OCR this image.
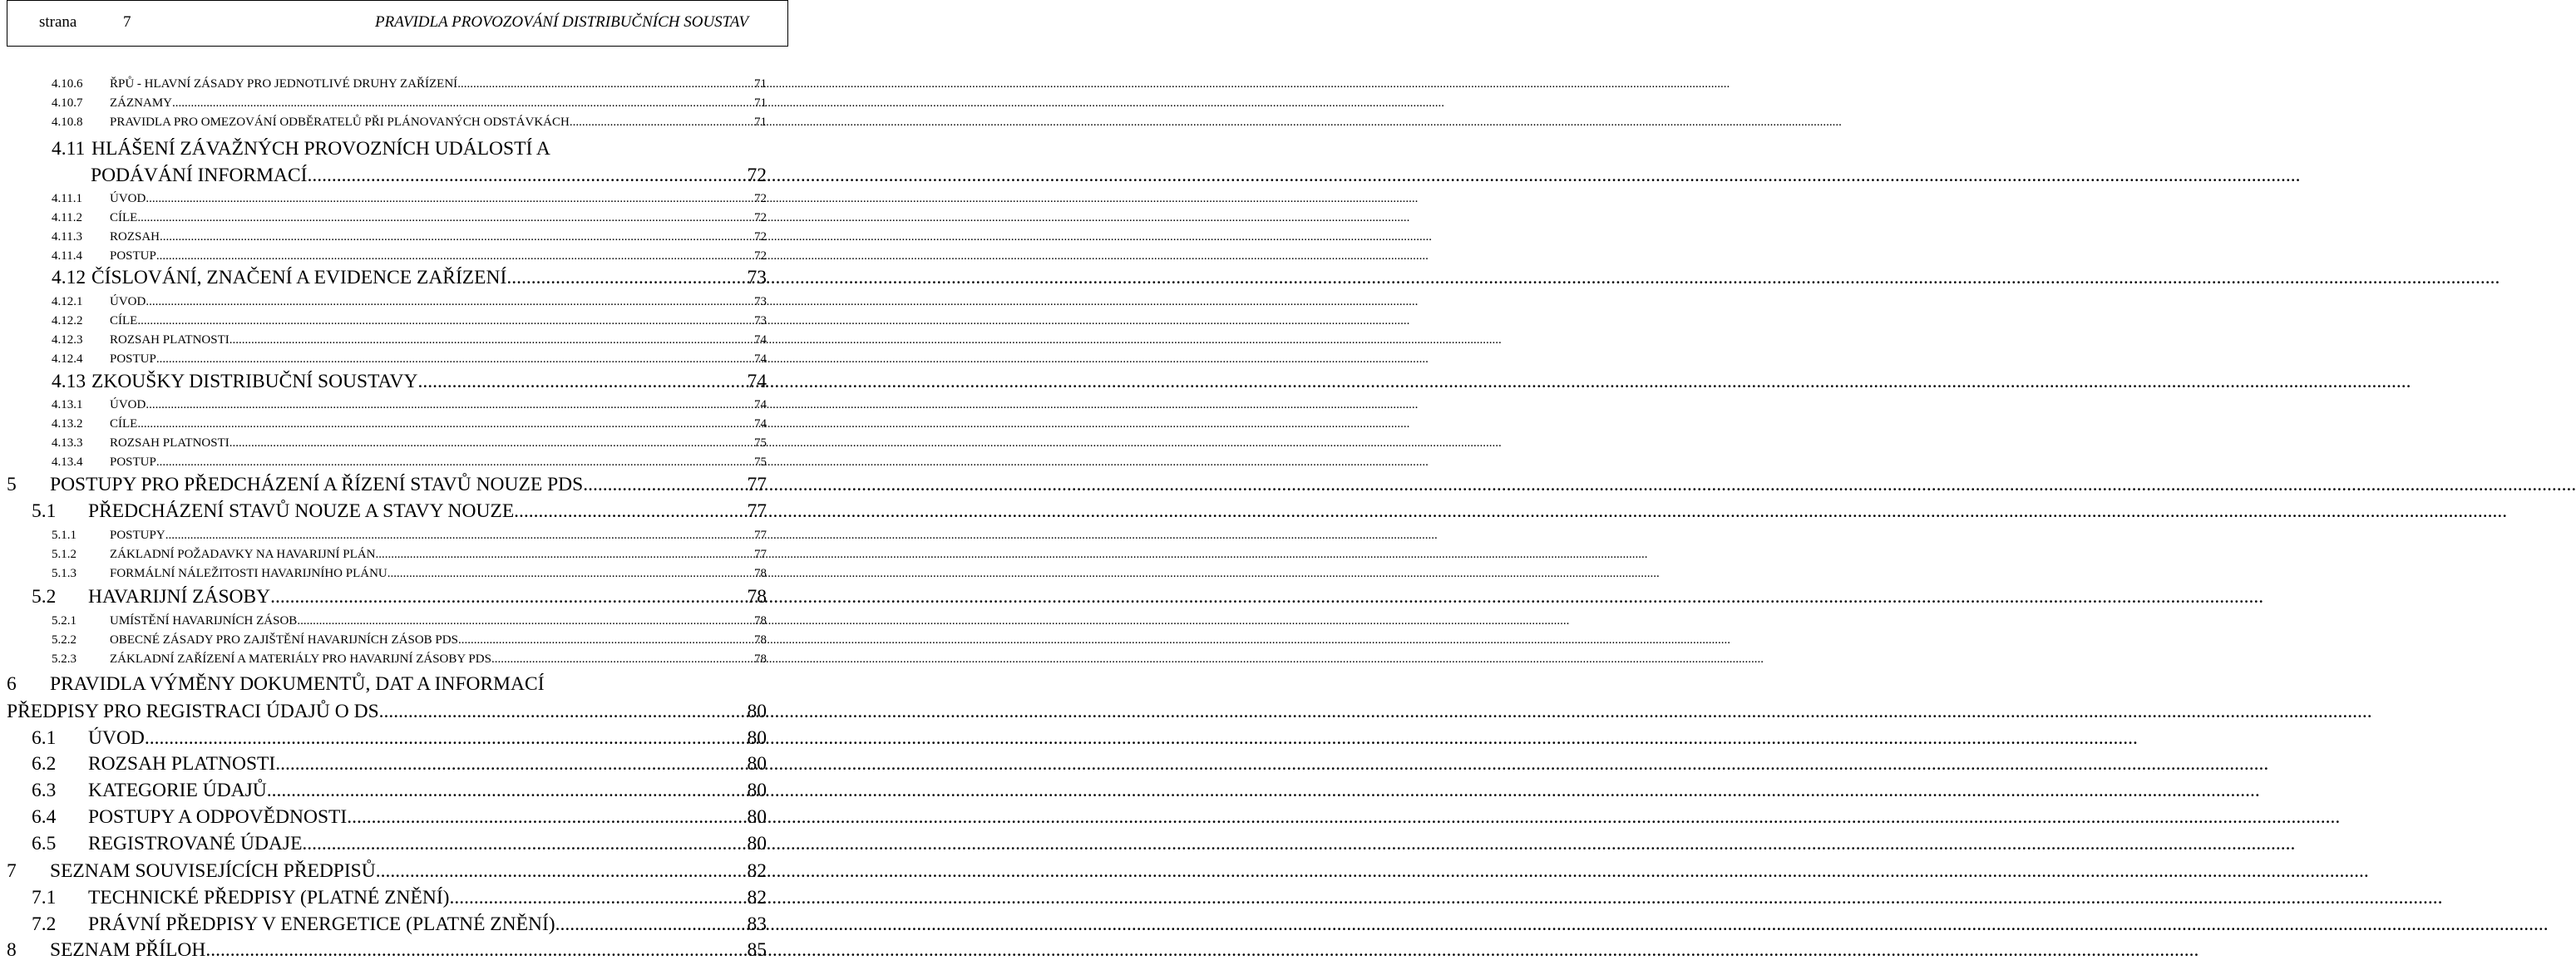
strana	7	PRAVIDLA PROVOZOVÁNÍ DISTRIBUČNÍCH SOUSTAV
4.10.6	ŘPŮ - HLAVNÍ ZÁSADY PRO JEDNOTLIVÉ DRUHY ZAŘÍZENÍ .....	71
4.10.7	ZÁZNAMY .....	71
4.10.8	PRAVIDLA PRO OMEZOVÁNÍ ODBĚRATELŮ PŘI PLÁNOVANÝCH ODSTÁVKÁCH .....	71
4.11 HLÁŠENÍ ZÁVAŽNÝCH PROVOZNÍCH UDÁLOSTÍ A
PODÁVÁNÍ INFORMACÍ .....	72
4.11.1	ÚVOD .....	72
4.11.2	CÍLE .....	72
4.11.3	ROZSAH .....	72
4.11.4	POSTUP .....	72
4.12 ČÍSLOVÁNÍ, ZNAČENÍ A EVIDENCE ZAŘÍZENÍ .....	73
4.12.1	ÚVOD .....	73
4.12.2	CÍLE .....	73
4.12.3	ROZSAH PLATNOSTI .....	74
4.12.4	POSTUP .....	74
4.13 ZKOUŠKY DISTRIBUČNÍ SOUSTAVY .....	74
4.13.1	ÚVOD .....	74
4.13.2	CÍLE .....	74
4.13.3	ROZSAH PLATNOSTI .....	75
4.13.4	POSTUP .....	75
5	POSTUPY PRO PŘEDCHÁZENÍ A ŘÍZENÍ STAVŮ NOUZE PDS .....	77
5.1	PŘEDCHÁZENÍ STAVŮ NOUZE A STAVY NOUZE .....	77
5.1.1	POSTUPY .....	77
5.1.2	ZÁKLADNÍ POŽADAVKY NA HAVARIJNÍ PLÁN .....	77
5.1.3	FORMÁLNÍ NÁLEŽITOSTI HAVARIJNÍHO PLÁNU .....	78
5.2	HAVARIJNÍ ZÁSOBY .....	78
5.2.1	UMÍSTĚNÍ HAVARIJNÍCH ZÁSOB .....	78
5.2.2	OBECNÉ ZÁSADY PRO ZAJIŠTĚNÍ HAVARIJNÍCH ZÁSOB PDS .....	78
5.2.3	ZÁKLADNÍ ZAŘÍZENÍ A MATERIÁLY PRO HAVARIJNÍ ZÁSOBY PDS .....	78
6	PRAVIDLA VÝMĚNY DOKUMENTŮ, DAT A INFORMACÍ
PŘEDPISY PRO REGISTRACI ÚDAJŮ O DS .....	80
6.1	ÚVOD .....	80
6.2	ROZSAH PLATNOSTI .....	80
6.3	KATEGORIE ÚDAJŮ .....	80
6.4	POSTUPY A ODPOVĚDNOSTI .....	80
6.5	REGISTROVANÉ ÚDAJE .....	80
7	SEZNAM SOUVISEJÍCÍCH PŘEDPISŮ .....	82
7.1	TECHNICKÉ PŘEDPISY (PLATNÉ ZNĚNÍ) .....	82
7.2	PRÁVNÍ PŘEDPISY V ENERGETICE (PLATNÉ ZNĚNÍ) .....	83
8	SEZNAM PŘÍLOH .....	85
